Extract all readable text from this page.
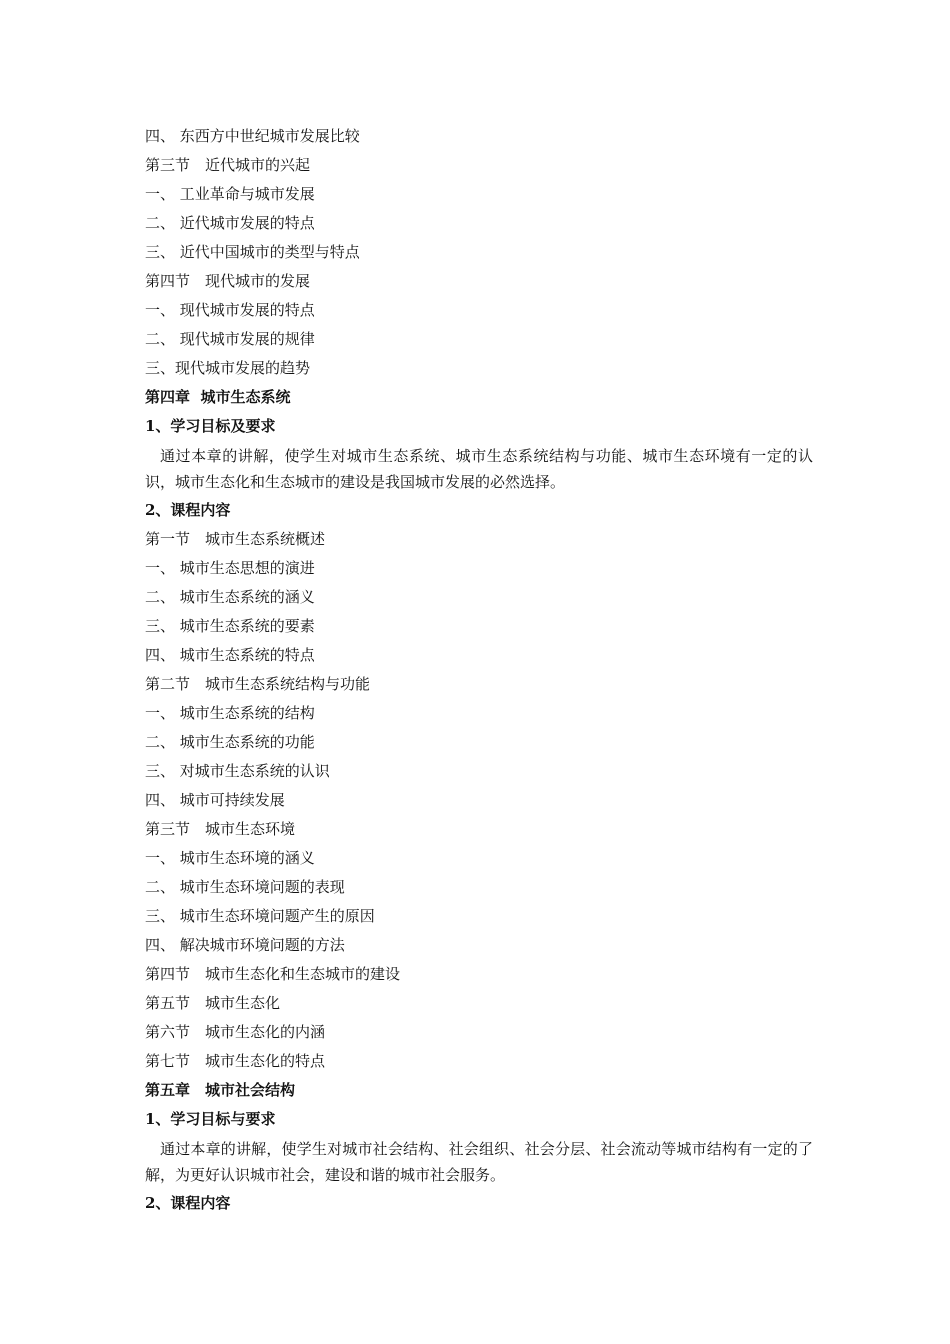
四、 东西方中世纪城市发展比较
第三节　近代城市的兴起
一、 工业革命与城市发展
二、 近代城市发展的特点
三、 近代中国城市的类型与特点
第四节　现代城市的发展
一、 现代城市发展的特点
二、 现代城市发展的规律
三、现代城市发展的趋势
第四章  城市生态系统
1、学习目标及要求
通过本章的讲解，使学生对城市生态系统、城市生态系统结构与功能、城市生态环境有一定的认识，城市生态化和生态城市的建设是我国城市发展的必然选择。
2、课程内容
第一节　城市生态系统概述
一、 城市生态思想的演进
二、 城市生态系统的涵义
三、 城市生态系统的要素
四、 城市生态系统的特点
第二节　城市生态系统结构与功能
一、 城市生态系统的结构
二、 城市生态系统的功能
三、 对城市生态系统的认识
四、 城市可持续发展
第三节　城市生态环境
一、 城市生态环境的涵义
二、 城市生态环境问题的表现
三、 城市生态环境问题产生的原因
四、 解决城市环境问题的方法
第四节　城市生态化和生态城市的建设
第五节　城市生态化
第六节　城市生态化的内涵
第七节　城市生态化的特点
第五章　城市社会结构
1、学习目标与要求
通过本章的讲解，使学生对城市社会结构、社会组织、社会分层、社会流动等城市结构有一定的了解，为更好认识城市社会，建设和谐的城市社会服务。
2、课程内容
